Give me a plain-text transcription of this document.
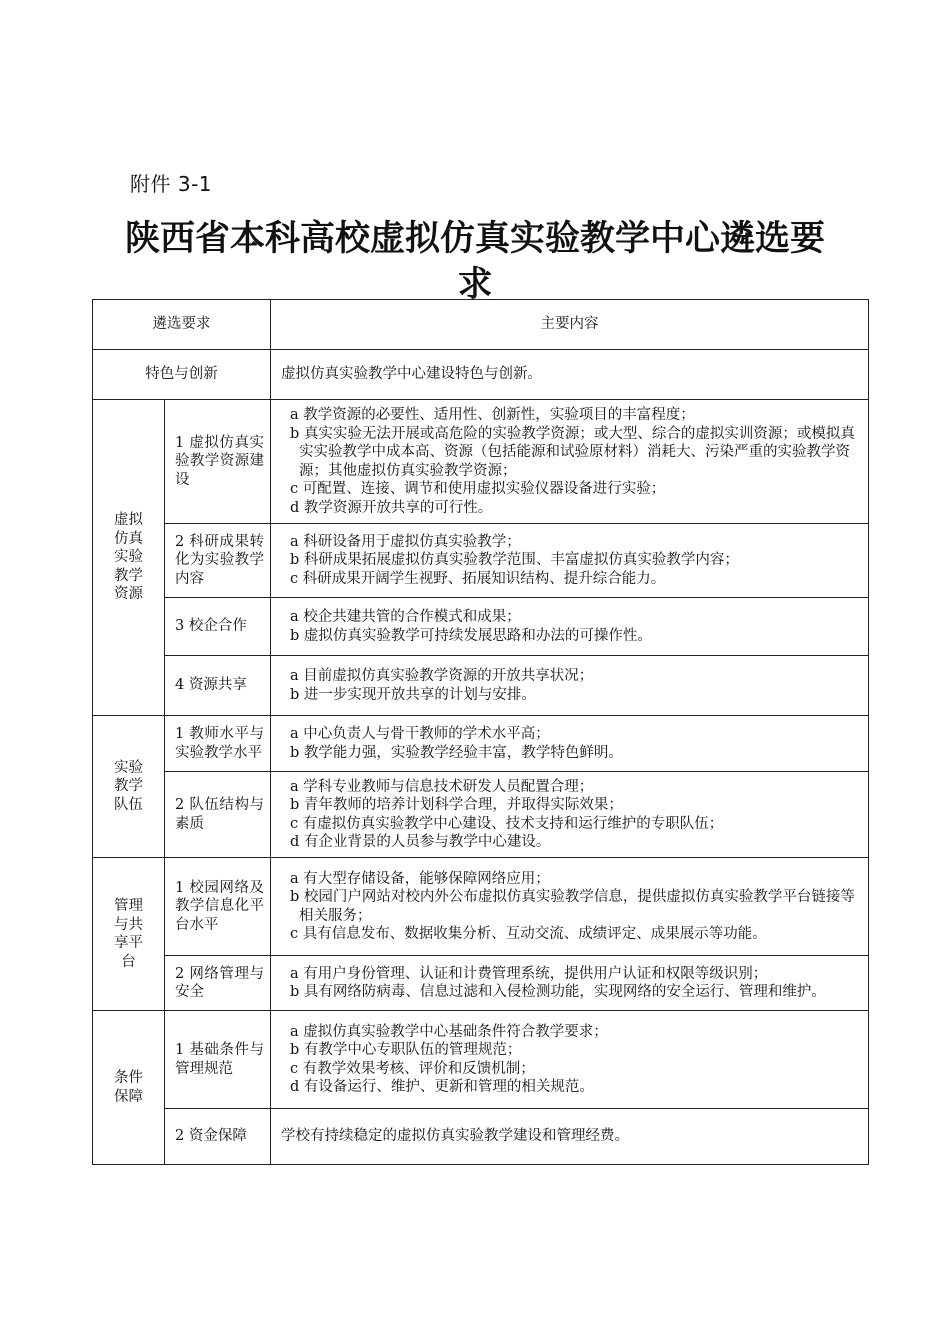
附件 3-1
陕西省本科高校虚拟仿真实验教学中心遴选要
求
遴选要求		主要内容
特色与创新		虚拟仿真实验教学中心建设特色与创新。

虚拟仿真实验教学资源	1 虚拟仿真实验教学资源建设	a 教学资源的必要性、适用性、创新性，实验项目的丰富程度；
b 真实实验无法开展或高危险的实验教学资源；或大型、综合的虚拟实训资源；或模拟真实实验教学中成本高、资源（包括能源和试验原材料）消耗大、污染严重的实验教学资源；其他虚拟仿真实验教学资源；
c 可配置、连接、调节和使用虚拟实验仪器设备进行实验；
d 教学资源开放共享的可行性。

	2 科研成果转化为实验教学内容	a 科研设备用于虚拟仿真实验教学；
b 科研成果拓展虚拟仿真实验教学范围、丰富虚拟仿真实验教学内容；
c 科研成果开阔学生视野、拓展知识结构、提升综合能力。

	3 校企合作	a 校企共建共管的合作模式和成果；
b 虚拟仿真实验教学可持续发展思路和办法的可操作性。

	4 资源共享	a 目前虚拟仿真实验教学资源的开放共享状况；
b 进一步实现开放共享的计划与安排。

实验教学队伍	1 教师水平与实验教学水平	a 中心负责人与骨干教师的学术水平高；
b 教学能力强，实验教学经验丰富，教学特色鲜明。

	2 队伍结构与素质	a 学科专业教师与信息技术研发人员配置合理；
b 青年教师的培养计划科学合理，并取得实际效果；
c 有虚拟仿真实验教学中心建设、技术支持和运行维护的专职队伍；
d 有企业背景的人员参与教学中心建设。

管理与共享平台	1 校园网络及教学信息化平台水平	a 有大型存储设备，能够保障网络应用；
b 校园门户网站对校内外公布虚拟仿真实验教学信息，提供虚拟仿真实验教学平台链接等相关服务；
c 具有信息发布、数据收集分析、互动交流、成绩评定、成果展示等功能。

	2 网络管理与安全	a 有用户身份管理、认证和计费管理系统，提供用户认证和权限等级识别；
b 具有网络防病毒、信息过滤和入侵检测功能，实现网络的安全运行、管理和维护。

条件保障	1 基础条件与管理规范	a 虚拟仿真实验教学中心基础条件符合教学要求；
b 有教学中心专职队伍的管理规范；
c 有教学效果考核、评价和反馈机制；
d 有设备运行、维护、更新和管理的相关规范。

	2 资金保障	学校有持续稳定的虚拟仿真实验教学建设和管理经费。
